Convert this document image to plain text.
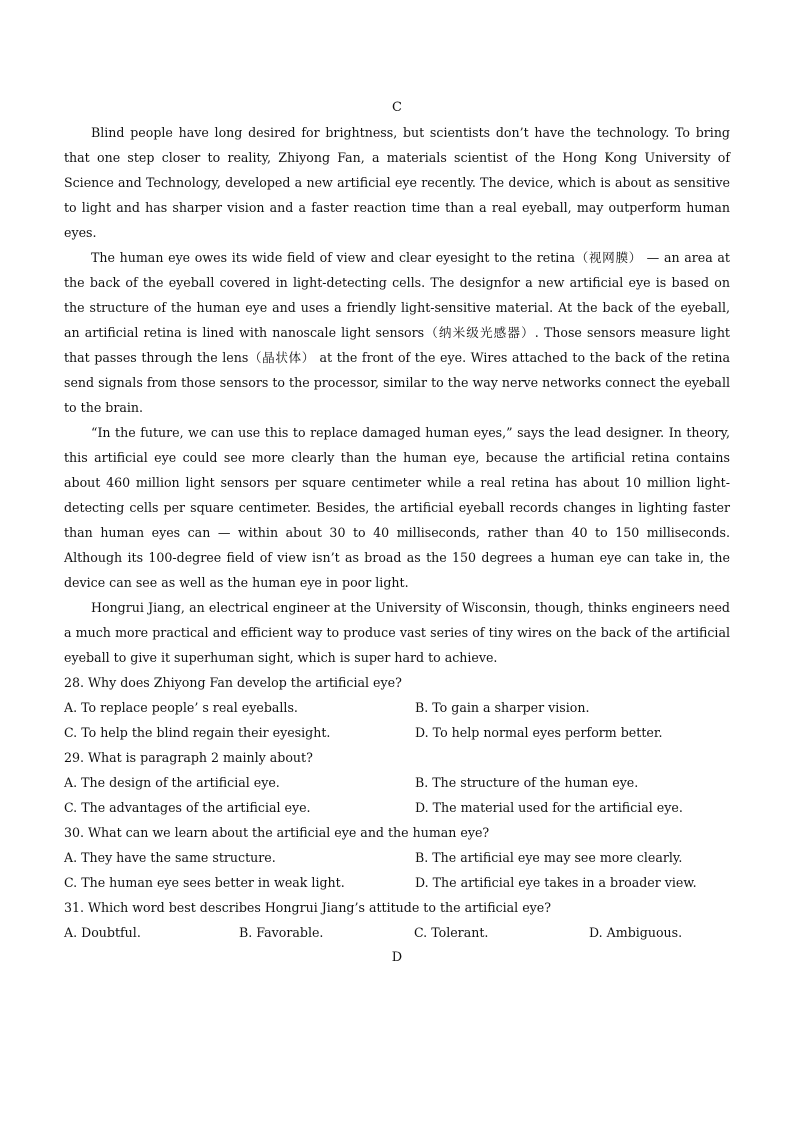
C

Blind people have long desired for brightness, but scientists don’t have the technology. To bring that one step closer to reality, Zhiyong Fan, a materials scientist of the Hong Kong University of Science and Technology, developed a new artificial eye recently. The device, which is about as sensitive to light and has sharper vision and a faster reaction time than a real eyeball, may outperform human eyes.

The human eye owes its wide field of view and clear eyesight to the retina（视网膜） — an area at the back of the eyeball covered in light-detecting cells. The designfor a new artificial eye is based on the structure of the human eye and uses a friendly light-sensitive material. At the back of the eyeball, an artificial retina is lined with nanoscale light sensors（纳米级光感器）. Those sensors measure light that passes through the lens（晶状体） at the front of the eye. Wires attached to the back of the retina send signals from those sensors to the processor, similar to the way nerve networks connect the eyeball to the brain.

“In the future, we can use this to replace damaged human eyes,” says the lead designer. In theory, this artificial eye could see more clearly than the human eye, because the artificial retina contains about 460 million light sensors per square centimeter while a real retina has about 10 million light-detecting cells per square centimeter. Besides, the artificial eyeball records changes in lighting faster than human eyes can — within about 30 to 40 milliseconds, rather than 40 to 150 milliseconds. Although its 100-degree field of view isn’t as broad as the 150 degrees a human eye can take in, the device can see as well as the human eye in poor light.

Hongrui Jiang, an electrical engineer at the University of Wisconsin, though, thinks engineers need a much more practical and efficient way to produce vast series of tiny wires on the back of the artificial eyeball to give it superhuman sight, which is super hard to achieve.

28. Why does Zhiyong Fan develop the artificial eye?
A. To replace people’ s real eyeballs.	B. To gain a sharper vision.
C. To help the blind regain their eyesight.	D. To help normal eyes perform better.
29. What is paragraph 2 mainly about?
A. The design of the artificial eye.	B. The structure of the human eye.
C. The advantages of the artificial eye.	D. The material used for the artificial eye.
30. What can we learn about the artificial eye and the human eye?
A. They have the same structure.	B. The artificial eye may see more clearly.
C. The human eye sees better in weak light.	D. The artificial eye takes in a broader view.
31. Which word best describes Hongrui Jiang’s attitude to the artificial eye?
A. Doubtful.	B. Favorable.	C. Tolerant.	D. Ambiguous.
D
